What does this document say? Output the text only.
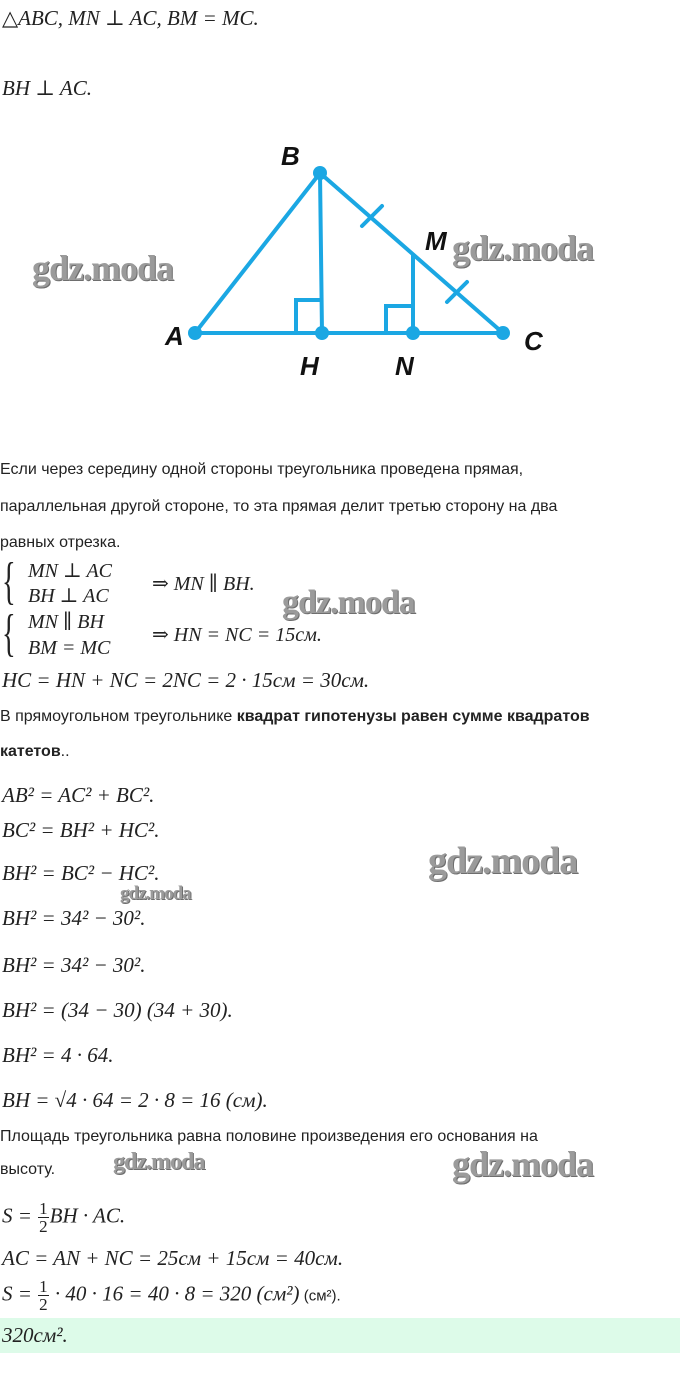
△ABC, MN ⊥ AC, BM = MC.
BH ⊥ AC.
B
A	C
H	N
M
gdz.moda	gdz.moda
Если через середину одной стороны треугольника проведена прямая,
параллельная другой стороне, то эта прямая делит третью сторону на два
равных отрезка.
{ MN ⊥ AC
BH ⊥ AC
⇒ MN ∥ BH.
{ MN ∥ BH
BM = MC
⇒ HN = NC = 15см.
gdz.moda
HC = HN + NC = 2NC = 2 · 15см = 30см.
В прямоугольном треугольнике квадрат гипотенузы равен сумме квадратов
катетов..
AB² = AC² + BC².
BC² = BH² + HC².
BH² = BC² − HC².
BH² = 34² − 30².
BH² = 34² − 30².
BH² = (34 − 30) (34 + 30).
BH² = 4 · 64.
BH = √4 · 64 = 2 · 8 = 16 (см).
gdz.moda
gdz.moda
Площадь треугольника равна половине произведения его основания на
высоту. gdz.moda	gdz.moda
$S = \frac{1}{2}$ BH · AC.
AC = AN + NC = 25см + 15см = 40см.
$S = \frac{1}{2} \cdot 40 \cdot 16 = 40 \cdot 8 = 320$ (см²) (см²).
320см².
